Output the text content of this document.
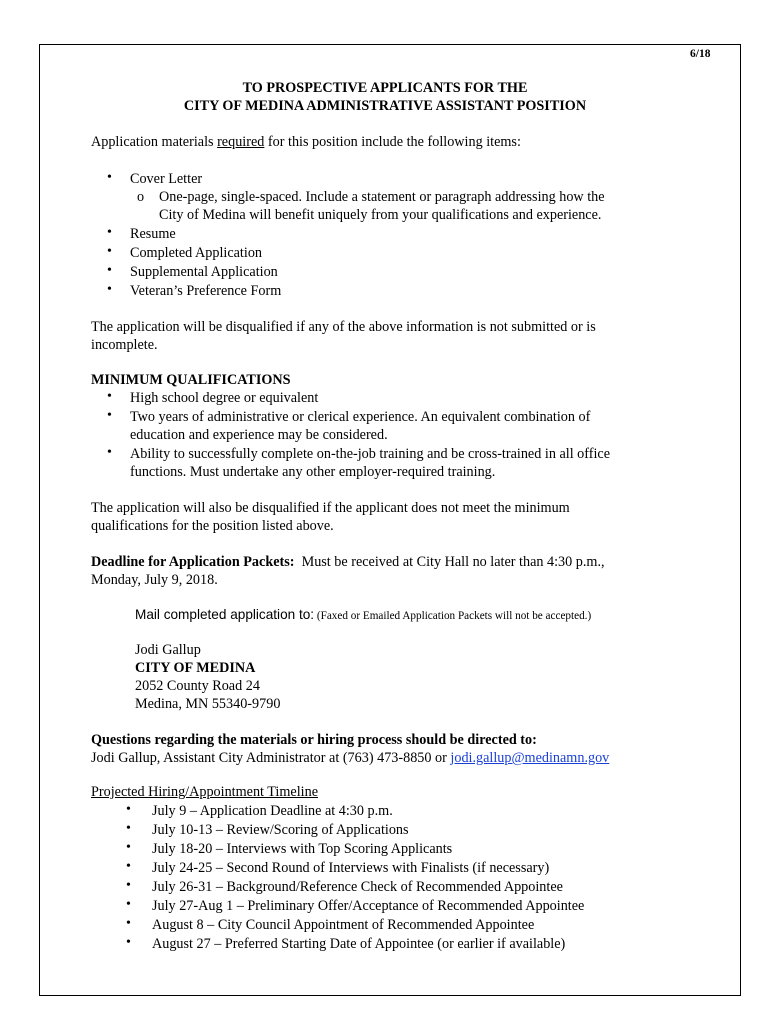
6/18

TO PROSPECTIVE APPLICANTS FOR THE

CITY OF MEDINA ADMINISTRATIVE ASSISTANT POSITION

Application materials required for this position include the following items:

• Cover Letter

o One-page, single-spaced. Include a statement or paragraph addressing how the

City of Medina will benefit uniquely from your qualifications and experience.

• Resume

• Completed Application

• Supplemental Application

• Veteran’s Preference Form

The application will be disqualified if any of the above information is not submitted or is

incomplete.

MINIMUM QUALIFICATIONS

• High school degree or equivalent

• Two years of administrative or clerical experience. An equivalent combination of

education and experience may be considered.

• Ability to successfully complete on-the-job training and be cross-trained in all office

functions. Must undertake any other employer-required training.

The application will also be disqualified if the applicant does not meet the minimum

qualifications for the position listed above.

Deadline for Application Packets:  Must be received at City Hall no later than 4:30 p.m.,

Monday, July 9, 2018.

Mail completed application to: (Faxed or Emailed Application Packets will not be accepted.)

Jodi Gallup

CITY OF MEDINA

2052 County Road 24

Medina, MN 55340-9790

Questions regarding the materials or hiring process should be directed to:

Jodi Gallup, Assistant City Administrator at (763) 473-8850 or jodi.gallup@medinamn.gov

Projected Hiring/Appointment Timeline

• July 9 – Application Deadline at 4:30 p.m.

• July 10-13 – Review/Scoring of Applications

• July 18-20 – Interviews with Top Scoring Applicants

• July 24-25 – Second Round of Interviews with Finalists (if necessary)

• July 26-31 – Background/Reference Check of Recommended Appointee

• July 27-Aug 1 – Preliminary Offer/Acceptance of Recommended Appointee

• August 8 – City Council Appointment of Recommended Appointee

• August 27 – Preferred Starting Date of Appointee (or earlier if available)
